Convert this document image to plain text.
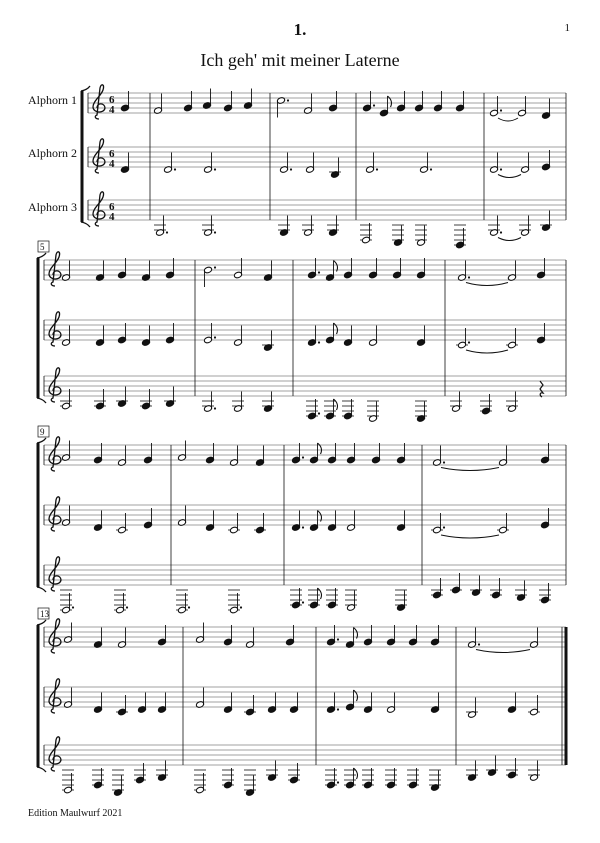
1
1.
Ich geh' mit meiner Laterne
Alphorn 1
Alphorn 2
Alphorn 3
6
4
6
4
6
4
5
9
13
Edition Maulwurf 2021
